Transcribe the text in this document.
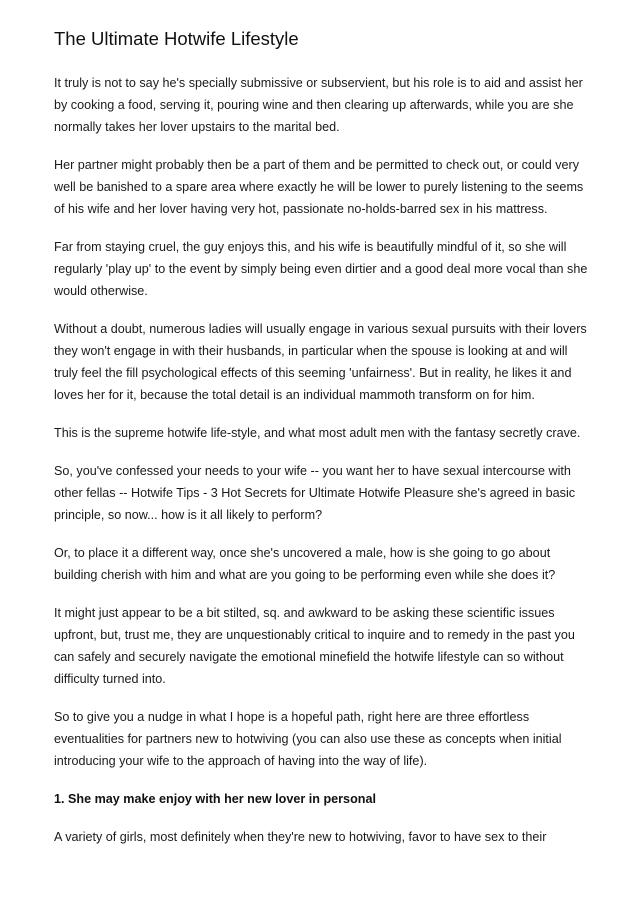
The Ultimate Hotwife Lifestyle

It truly is not to say he's specially submissive or subservient, but his role is to aid and assist her by cooking a food, serving it, pouring wine and then clearing up afterwards, while you are she normally takes her lover upstairs to the marital bed.

Her partner might probably then be a part of them and be permitted to check out, or could very well be banished to a spare area where exactly he will be lower to purely listening to the seems of his wife and her lover having very hot, passionate no-holds-barred sex in his mattress.

Far from staying cruel, the guy enjoys this, and his wife is beautifully mindful of it, so she will regularly 'play up' to the event by simply being even dirtier and a good deal more vocal than she would otherwise.

Without a doubt, numerous ladies will usually engage in various sexual pursuits with their lovers they won't engage in with their husbands, in particular when the spouse is looking at and will truly feel the fill psychological effects of this seeming 'unfairness'. But in reality, he likes it and loves her for it, because the total detail is an individual mammoth transform on for him.

This is the supreme hotwife life-style, and what most adult men with the fantasy secretly crave.

So, you've confessed your needs to your wife -- you want her to have sexual intercourse with other fellas -- Hotwife Tips - 3 Hot Secrets for Ultimate Hotwife Pleasure she's agreed in basic principle, so now... how is it all likely to perform?

Or, to place it a different way, once she's uncovered a male, how is she going to go about building cherish with him and what are you going to be performing even while she does it?

It might just appear to be a bit stilted, sq. and awkward to be asking these scientific issues upfront, but, trust me, they are unquestionably critical to inquire and to remedy in the past you can safely and securely navigate the emotional minefield the hotwife lifestyle can so without difficulty turned into.

So to give you a nudge in what I hope is a hopeful path, right here are three effortless eventualities for partners new to hotwiving (you can also use these as concepts when initial introducing your wife to the approach of having into the way of life).

1. She may make enjoy with her new lover in personal

A variety of girls, most definitely when they're new to hotwiving, favor to have sex to their
